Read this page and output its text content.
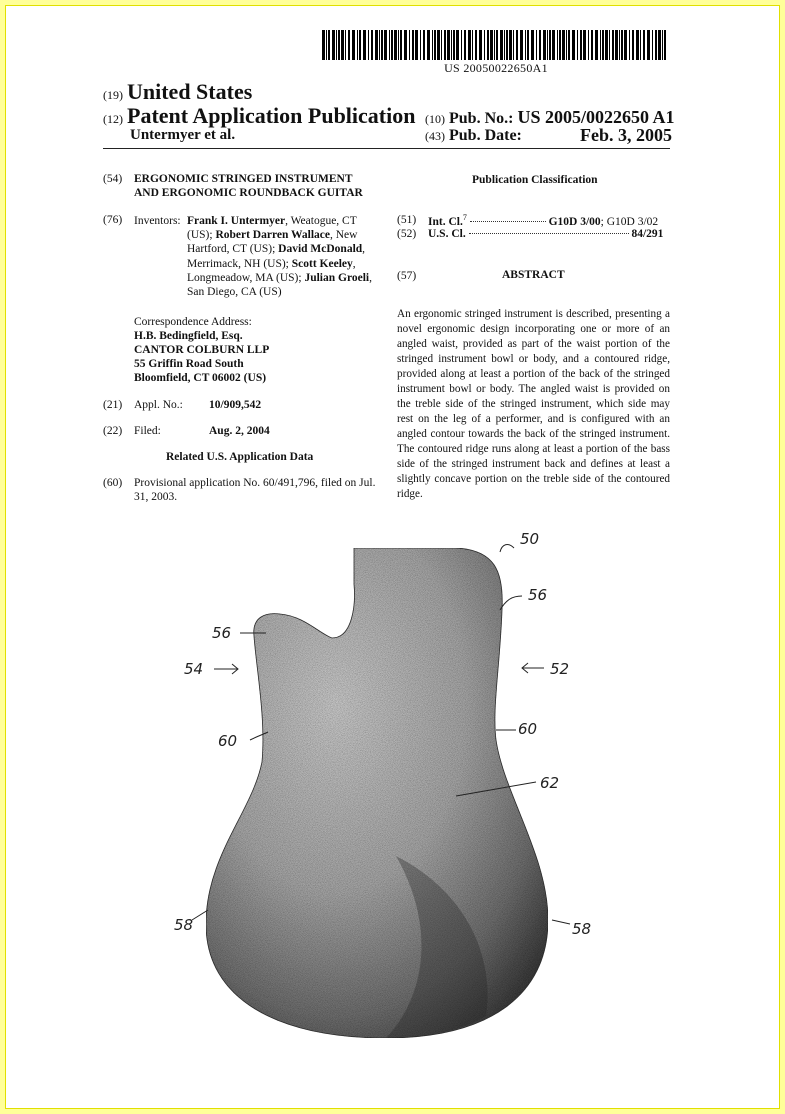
US 20050022650A1
(19) United States
(12) Patent Application Publication
Untermyer et al.
(10) Pub. No.: US 2005/0022650 A1
(43) Pub. Date:	Feb. 3, 2005
(54) ERGONOMIC STRINGED INSTRUMENT
AND ERGONOMIC ROUNDBACK GUITAR
(76) Inventors: Frank I. Untermyer, Weatogue, CT (US); Robert Darren Wallace, New Hartford, CT (US); David McDonald, Merrimack, NH (US); Scott Keeley, Longmeadow, MA (US); Julian Groeli, San Diego, CA (US)
Correspondence Address:
H.B. Bedingfield, Esq.
CANTOR COLBURN LLP
55 Griffin Road South
Bloomfield, CT 06002 (US)
(21) Appl. No.: 10/909,542
(22) Filed:	Aug. 2, 2004
Related U.S. Application Data
(60) Provisional application No. 60/491,796, filed on Jul. 31, 2003.
Publication Classification
(51) Int. Cl.$^7$	G10D 3/00; G10D 3/02
(52) U.S. Cl.	84/291
(57)	ABSTRACT
An ergonomic stringed instrument is described, presenting a novel ergonomic design incorporating one or more of an angled waist, provided as part of the waist portion of the stringed instrument bowl or body, and a contoured ridge, provided along at least a portion of the back of the stringed instrument bowl or body. The angled waist is provided on the treble side of the stringed instrument, which side may rest on the leg of a performer, and is configured with an angled contour towards the back of the stringed instrument. The contoured ridge runs along at least a portion of the bass side of the stringed instrument back and defines at least a slightly concave portion on the treble side of the contoured ridge.
50
56
56
54	52
60
60
62
58	58
